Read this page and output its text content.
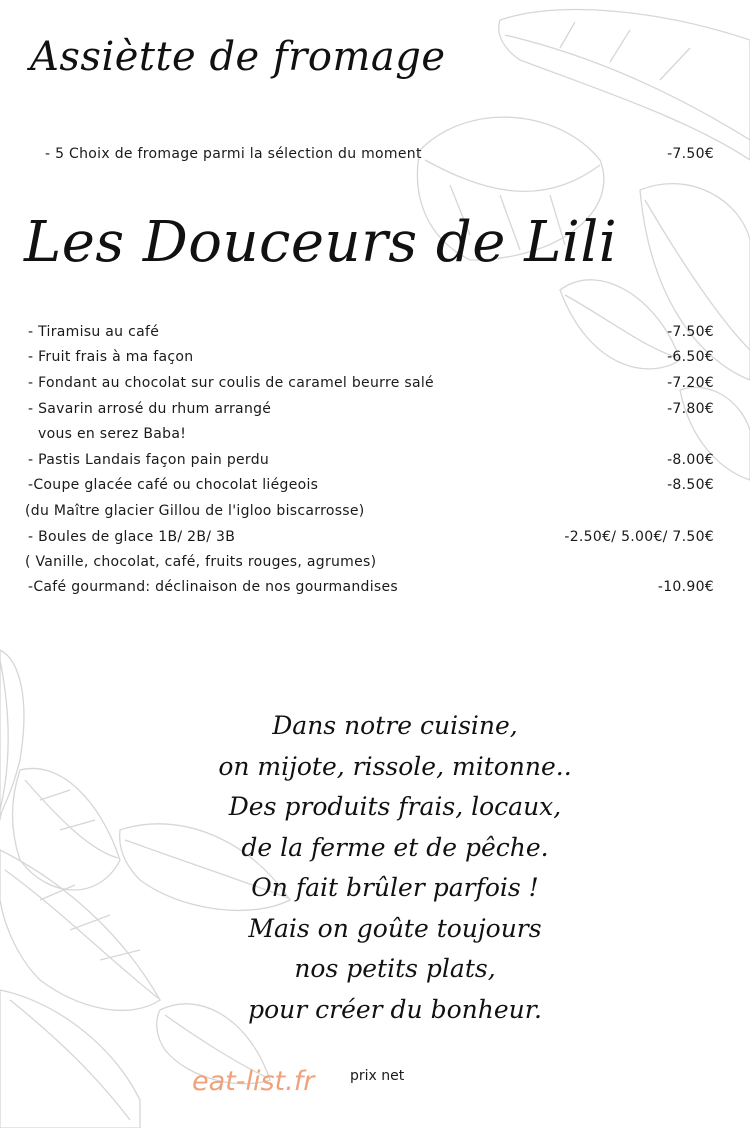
Assiètte de fromage
- 5 Choix de fromage parmi la sélection du moment	-7.50€
Les Douceurs de Lili
- Tiramisu au café	-7.50€
- Fruit frais à ma façon	-6.50€
- Fondant au chocolat sur coulis de caramel beurre salé	-7.20€
- Savarin arrosé du rhum arrangé	-7.80€
vous en serez Baba!
- Pastis Landais façon pain perdu	-8.00€
-Coupe glacée café ou chocolat liégeois	-8.50€
(du Maître glacier Gillou de l'igloo biscarrosse)
- Boules de glace 1B/ 2B/ 3B	-2.50€/ 5.00€/ 7.50€
( Vanille, chocolat, café, fruits rouges, agrumes)
-Café gourmand: déclinaison de nos gourmandises	-10.90€
Dans notre cuisine,
on mijote, rissole, mitonne..
Des produits frais, locaux,
de la ferme et de pêche.
On fait brûler parfois !
Mais on goûte toujours
nos petits plats,
pour créer du bonheur.
eat-list.fr	prix net
